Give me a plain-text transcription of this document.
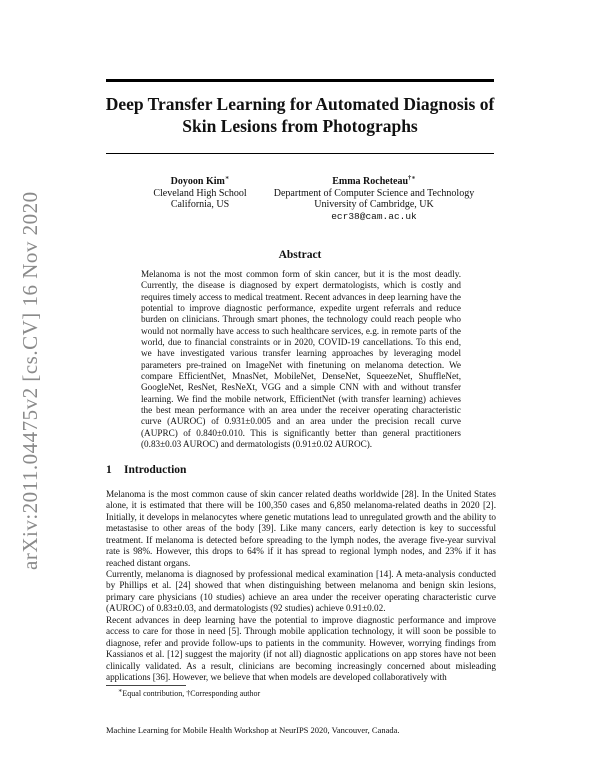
arXiv:2011.04475v2 [cs.CV] 16 Nov 2020
Deep Transfer Learning for Automated Diagnosis of
Skin Lesions from Photographs
Doyoon Kim∗
Cleveland High School
California, US
Emma Rocheteau†∗
Department of Computer Science and Technology
University of Cambridge, UK
ecr38@cam.ac.uk
Abstract

Melanoma is not the most common form of skin cancer, but it is the most deadly. Currently, the disease is diagnosed by expert dermatologists, which is costly and requires timely access to medical treatment. Recent advances in deep learning have the potential to improve diagnostic performance, expedite urgent referrals and reduce burden on clinicians. Through smart phones, the technology could reach people who would not normally have access to such healthcare services, e.g. in remote parts of the world, due to financial constraints or in 2020, COVID-19 cancellations. To this end, we have investigated various transfer learning approaches by leveraging model parameters pre-trained on ImageNet with finetuning on melanoma detection. We compare EfficientNet, MnasNet, MobileNet, DenseNet, SqueezeNet, ShuffleNet, GoogleNet, ResNet, ResNeXt, VGG and a simple CNN with and without transfer learning. We find the mobile network, EfficientNet (with transfer learning) achieves the best mean performance with an area under the receiver operating characteristic curve (AUROC) of 0.931±0.005 and an area under the precision recall curve (AUPRC) of 0.840±0.010. This is significantly better than general practitioners (0.83±0.03 AUROC) and dermatologists (0.91±0.02 AUROC).

1 Introduction

Melanoma is the most common cause of skin cancer related deaths worldwide [28]. In the United States alone, it is estimated that there will be 100,350 cases and 6,850 melanoma-related deaths in 2020 [2]. Initially, it develops in melanocytes where genetic mutations lead to unregulated growth and the ability to metastasise to other areas of the body [39]. Like many cancers, early detection is key to successful treatment. If melanoma is detected before spreading to the lymph nodes, the average five-year survival rate is 98%. However, this drops to 64% if it has spread to regional lymph nodes, and 23% if it has reached distant organs.

Currently, melanoma is diagnosed by professional medical examination [14]. A meta-analysis conducted by Phillips et al. [24] showed that when distinguishing between melanoma and benign skin lesions, primary care physicians (10 studies) achieve an area under the receiver operating characteristic curve (AUROC) of 0.83±0.03, and dermatologists (92 studies) achieve 0.91±0.02.

Recent advances in deep learning have the potential to improve diagnostic performance and improve access to care for those in need [5]. Through mobile application technology, it will soon be possible to diagnose, refer and provide follow-ups to patients in the community. However, worrying findings from Kassianos et al. [12] suggest the majority (if not all) diagnostic applications on app stores have not been clinically validated. As a result, clinicians are becoming increasingly concerned about misleading applications [36]. However, we believe that when models are developed collaboratively with

∗Equal contribution, †Corresponding author
Machine Learning for Mobile Health Workshop at NeurIPS 2020, Vancouver, Canada.
